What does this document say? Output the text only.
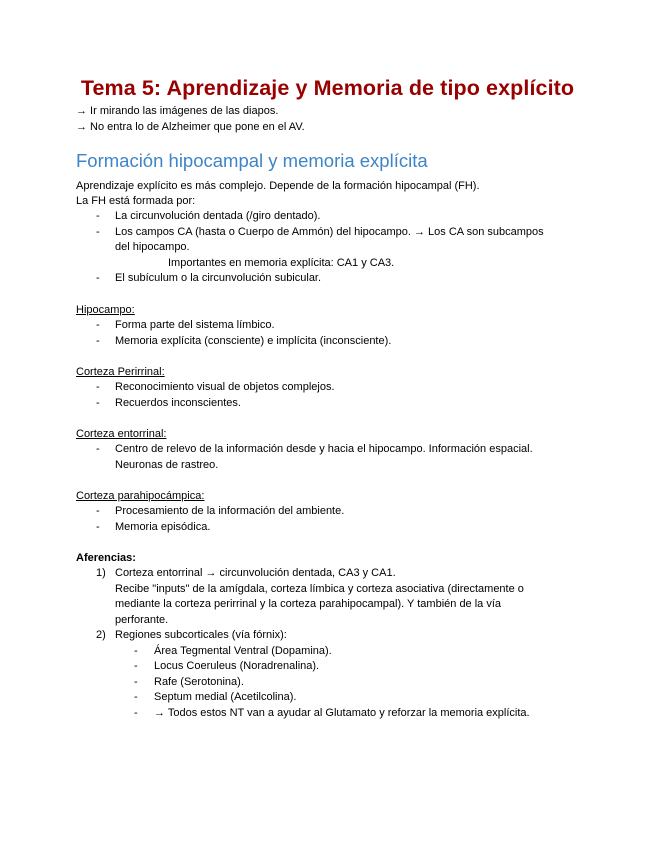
Tema 5: Aprendizaje y Memoria de tipo explícito
→ Ir mirando las imágenes de las diapos.
→ No entra lo de Alzheimer que pone en el AV.
Formación hipocampal y memoria explícita
Aprendizaje explícito es más complejo. Depende de la formación hipocampal (FH).
La FH está formada por:
- La circunvolución dentada (/giro dentado).
- Los campos CA (hasta o Cuerpo de Ammón) del hipocampo. → Los CA son subcampos
del hipocampo.
Importantes en memoria explícita: CA1 y CA3.
- El subículum o la circunvolución subicular.
Hipocampo:
- Forma parte del sistema límbico.
- Memoria explícita (consciente) e implícita (inconsciente).
Corteza Perirrinal:
- Reconocimiento visual de objetos complejos.
- Recuerdos inconscientes.
Corteza entorrinal:
- Centro de relevo de la información desde y hacia el hipocampo. Información espacial.
Neuronas de rastreo.
Corteza parahipocámpica:
- Procesamiento de la información del ambiente.
- Memoria episódica.
Aferencias:
1) Corteza entorrinal → circunvolución dentada, CA3 y CA1.
Recibe "inputs" de la amígdala, corteza límbica y corteza asociativa (directamente o
mediante la corteza perirrinal y la corteza parahipocampal). Y también de la vía
perforante.
2) Regiones subcorticales (vía fórnix):
- Área Tegmental Ventral (Dopamina).
- Locus Coeruleus (Noradrenalina).
- Rafe (Serotonina).
- Septum medial (Acetilcolina).
- → Todos estos NT van a ayudar al Glutamato y reforzar la memoria explícita.
